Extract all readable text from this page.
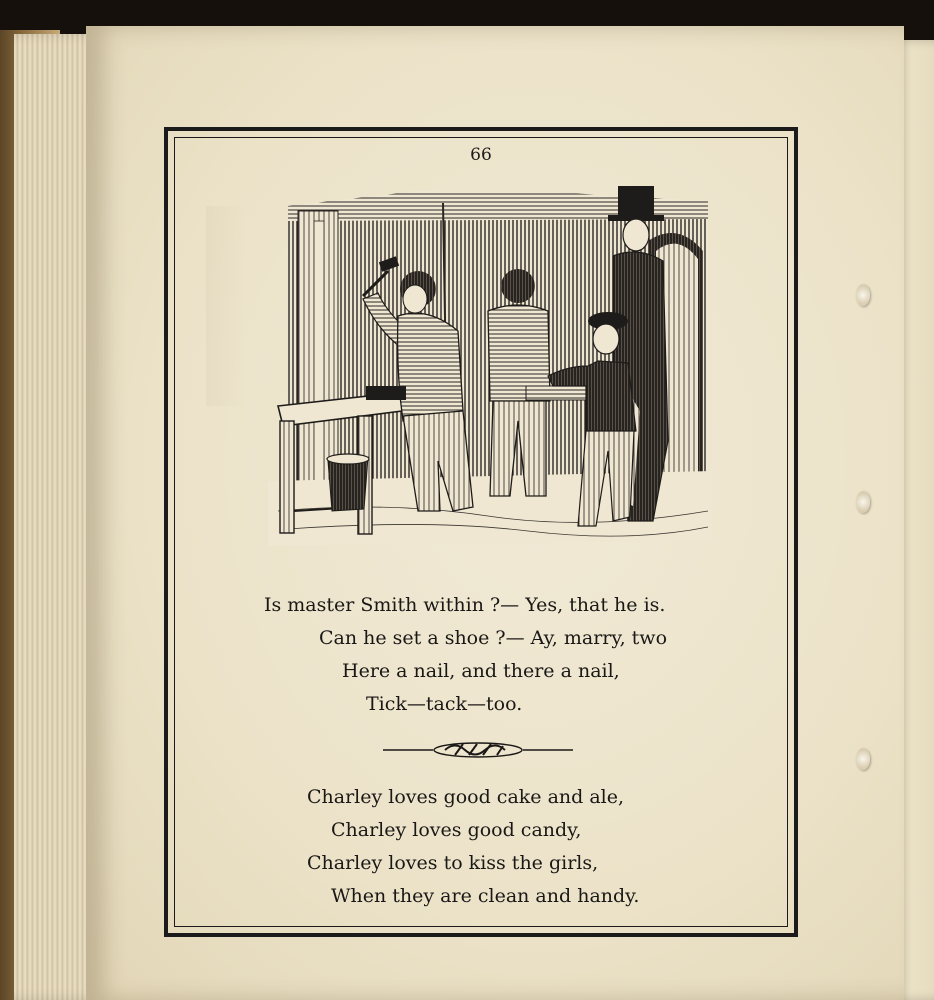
66
Is master Smith within ?— Yes, that he is.
Can he set a shoe ?— Ay, marry, two
Here a nail, and there a nail,
Tick—tack—too.
Charley loves good cake and ale,
Charley loves good candy,
Charley loves to kiss the girls,
When they are clean and handy.
